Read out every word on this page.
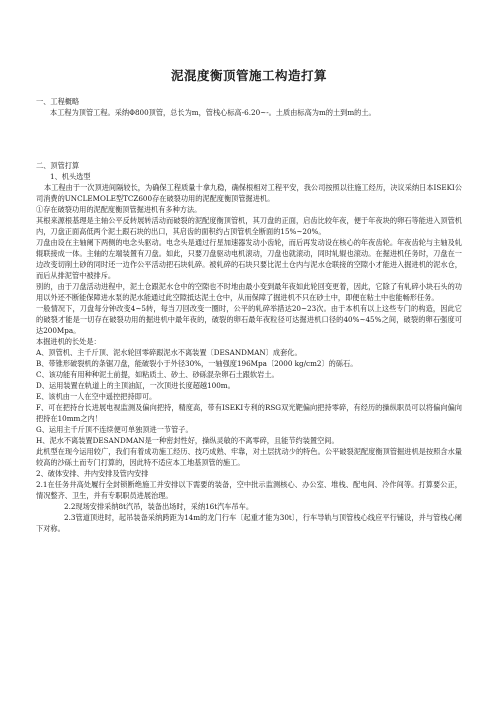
泥混度衡顶管施工构造打算

一、工程概略

本工程为顶管工程。采纳Φ800顶管，总长为m，管栈心标高-6.20~-。土质由标高为m的土到m的土。

二、顶管打算

1、机头选型

本工程由于一次顶进间隔较长，为确保工程质量十拿九稳，确保根相对工程平安，我公司按照以往施工经历，决议采纳日本ISEKI公司消费的UNCLEMOLE型TCZ600存在破裂功用的泥配度衡顶管掘进机。

①存在破裂功用的泥配度衡顶管掘进机有多种方法。

其根来源根基理是主轴公平反转展转活动而破裂的泥配度衡顶管机，其刀盘的正面，启齿比较年夜，便于年夜块的卵石等能进入顶管机内，刀盘正面高低两个泥土跟石块的出口，其启齿的面积约占顶管机全断面的15%~20%。

刀盘由设在主轴阑下两侧的电念头驱动。电念头是通过行星加速器发动小齿轮，而后再发动设在核心的年夜齿轮。年夜齿轮与主轴及轧辊联接成一体。主轴的左端装置有刀盘。如此，只要刀盘驱动电机滚动，刀盘也就滚动，同时轧辊也滚动。在掘进机任务时，刀盘在一边改变切削土砂的同时还一边作公平活动把石块轧碎。被轧碎的石块只要比泥土仓内与泥水仓联接的空隙小才能进入掘进机的泥水仓，而后从排泥管中被排斥。

别的，由于刀盘活动进程中，泥土仓跟泥水仓中的空隙也不时地由最小变到最年夜如此轮回变更着，因此，它除了有轧碎小块石头的功用以外还不断能保障进水泵的泥水能通过此空隙抵达泥土仓中，从而保障了掘进机不只在砂土中，即便在粘土中也能畅形任务。

一般情况下，刀盘每分钟改变4~5转，每当刀回改变一圈时，公平的轧碎举措达20~23次。由于本机有以上这些专门的构造，因此它的破裂才能是一切存在破裂功用的掘进机中最年夜的，破裂的卵石最年夜粒径可达掘进机口径的40%~45%之间，破裂的卵石强度可达200Mpa。

本掘进机的长处是：

A、顶管机、主千斤顶、泥水轮回零碎跟泥水不离装置〔DESANDMAN〕成套化。

B、带锥形破裂机的条锯刀盘，能破裂小于外径30%，一轴强度196Mpa〔2000 kg/cm2〕的砾石。

C、该功能有用种种泥土前提，如粘质土、砂土、砂砾混杂卵石土跟软岩土。

D、运用装置在轨道上的主顶油缸，一次顶进长度超越100m。

E、该机由一人在空中遥控把持即可。

F、可在把持台长进展电视监测及偏向把持，精度高，带有ISEKI专利的RSG双光靶偏向把持零碎，有经历的操纵职员可以将偏向偏向把持在10mm之内！

G、运用主千斤顶不连续便可单独顶进一节管子。

H、泥水不离装置DESANDMAN是一种密封性好，操纵灵敏的不离零碎，且能节约装置空间。

此机型在现今运用较广，我们有着成功施工经历、技巧成熟、牢靠，对土层扰动少的特色。公平破裂泥配度衡顶管掘进机是按照含水量较高的沙砾土而专门打算的，因此特不适应本工地基顶管的施工。

2、破体安排、井内安排及管内安排

2.1在任务井高处履行全封锁断绝施工并安排以下需要的装备，空中批示监测核心、办公室、堆栈、配电间、冷作间等。打算要公正，情况整齐、卫生，并有专职职员进展治理。

2.2现场安排采纳8t汽吊，装备出场时，采纳16t汽车吊车。

2.3管道顶进时，起吊装备采纳跨距为14m的龙门行车〔起重才能为30t〕，行车导轨与顶管栈心线应平行铺设，并与管栈心阑下对称。
